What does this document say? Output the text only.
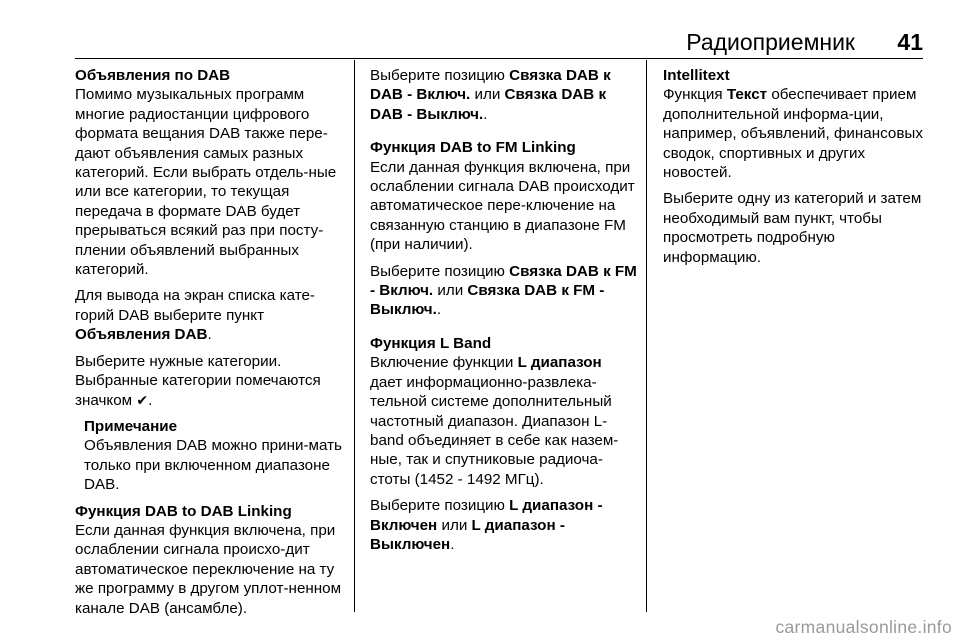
Радиоприемник 41

Объявления по DAB

Помимо музыкальных программ многие радиостанции цифрового формата вещания DAB также пере-дают объявления самых разных категорий. Если выбрать отдель-ные или все категории, то текущая передача в формате DAB будет прерываться всякий раз при посту-плении объявлений выбранных категорий.

Для вывода на экран списка кате-горий DAB выберите пункт Объявления DAB.

Выберите нужные категории. Выбранные категории помечаются значком ✔.

Примечание

Объявления DAB можно прини-мать только при включенном диапазоне DAB.

Функция DAB to DAB Linking

Если данная функция включена, при ослаблении сигнала происхо-дит автоматическое переключение на ту же программу в другом уплот-ненном канале DAB (ансамбле).

Выберите позицию Связка DAB к DAB - Включ. или Связка DAB к DAB - Выключ..

Функция DAB to FM Linking

Если данная функция включена, при ослаблении сигнала DAB происходит автоматическое пере-ключение на связанную станцию в диапазоне FM (при наличии).

Выберите позицию Связка DAB к FM - Включ. или Связка DAB к FM - Выключ..

Функция L Band

Включение функции L диапазон дает информационно-развлека-тельной системе дополнительный частотный диапазон. Диапазон L-band объединяет в себе как назем-ные, так и спутниковые радиоча-стоты (1452 - 1492 МГц).

Выберите позицию L диапазон - Включен или L диапазон - Выключен.

Intellitext

Функция Текст обеспечивает прием дополнительной информа-ции, например, объявлений, финансовых сводок, спортивных и других новостей.

Выберите одну из категорий и затем необходимый вам пункт, чтобы просмотреть подробную информацию.

carmanualsonline.info
